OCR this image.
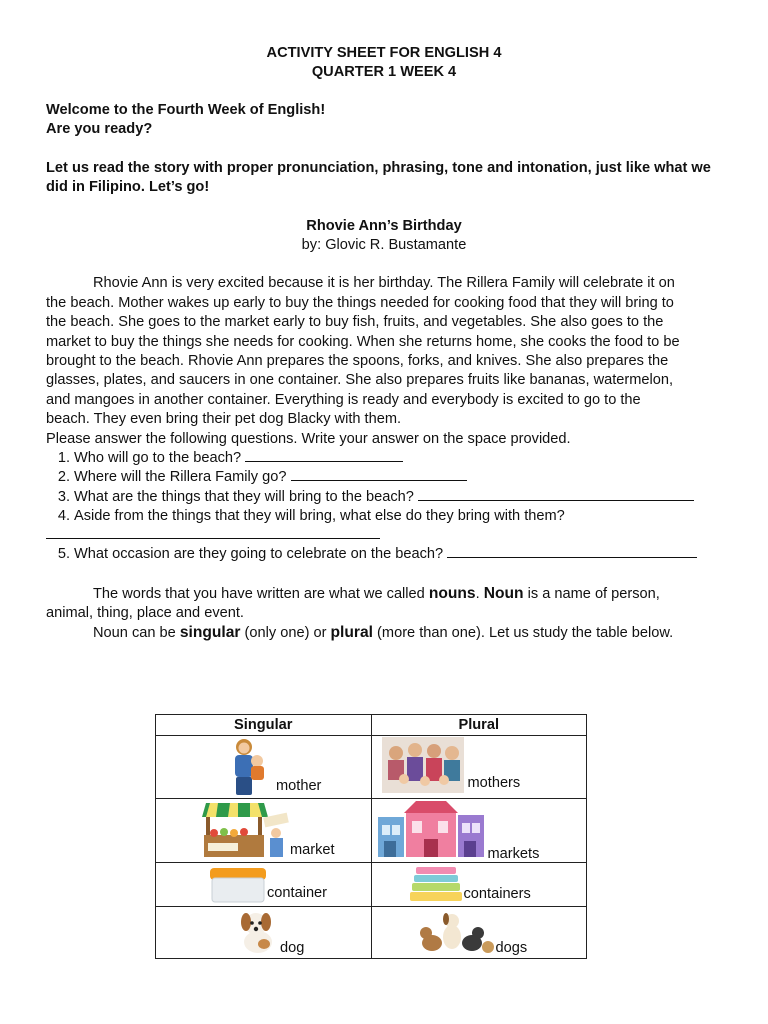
ACTIVITY SHEET FOR ENGLISH 4
QUARTER 1 WEEK 4

Welcome to the Fourth Week of English!

Are you ready?

Let us read the story with proper pronunciation, phrasing, tone and intonation, just like what we

did in Filipino. Let’s go!

Rhovie Ann’s Birthday

by: Glovic R. Bustamante

Rhovie Ann is very excited because it is her birthday. The Rillera Family will celebrate it on

the beach. Mother wakes up early to buy the things needed for cooking food that they will bring to

the beach. She goes to the market early to buy fish, fruits, and vegetables. She also goes to the

market to buy the things she needs for cooking. When she returns home, she cooks the food to be

brought to the beach. Rhovie Ann prepares the spoons, forks, and knives. She also prepares the

glasses, plates, and saucers in one container. She also prepares fruits like bananas, watermelon,

and mangoes in another container. Everything is ready and everybody is excited to go to the

beach. They even bring their pet dog Blacky with them.

Please answer the following questions. Write your answer on the space provided.

1. Who will go to the beach?
2. Where will the Rillera Family go?
3. What are the things that they will bring to the beach?
4. Aside from the things that they will bring, what else do they bring with them?
5. What occasion are they going to celebrate on the beach?

The words that you have written are what we called nouns. Noun is a name of person,

animal, thing, place and event.

Noun can be singular (only one) or plural (more than one). Let us study the table below.

Singular	Plural

mother	mothers

market	markets

container	containers

dog	dogs
